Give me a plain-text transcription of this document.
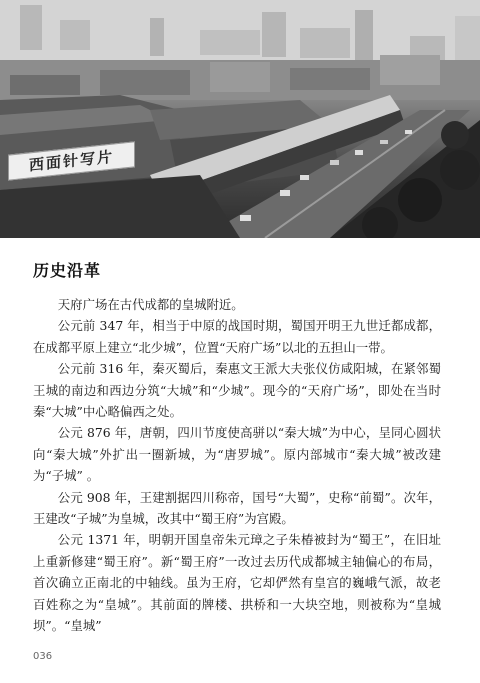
西面针写片
历史沿革

天府广场在古代成都的皇城附近。

公元前 347 年，相当于中原的战国时期，蜀国开明王九世迁都成都，在成都平原上建立“北少城”，位置“天府广场”以北的五担山一带。

公元前 316 年，秦灭蜀后，秦惠文王派大夫张仪仿咸阳城，在紧邻蜀王城的南边和西边分筑“大城”和“少城”。现今的“天府广场”，即处在当时秦“大城”中心略偏西之处。

公元 876 年，唐朝，四川节度使高骈以“秦大城”为中心，呈同心圆状向“秦大城”外扩出一圈新城，为“唐罗城”。原内部城市“秦大城”被改建为“子城” 。

公元 908 年，王建割据四川称帝，国号“大蜀”，史称“前蜀”。次年，王建改“子城”为皇城，改其中“蜀王府”为宫殿。

公元 1371 年，明朝开国皇帝朱元璋之子朱椿被封为“蜀王”，在旧址上重新修建“蜀王府”。新“蜀王府”一改过去历代成都城主轴偏心的布局，首次确立正南北的中轴线。虽为王府，它却俨然有皇宫的巍峨气派，故老百姓称之为“皇城”。其前面的牌楼、拱桥和一大块空地，则被称为“皇城坝”。“皇城”

036
